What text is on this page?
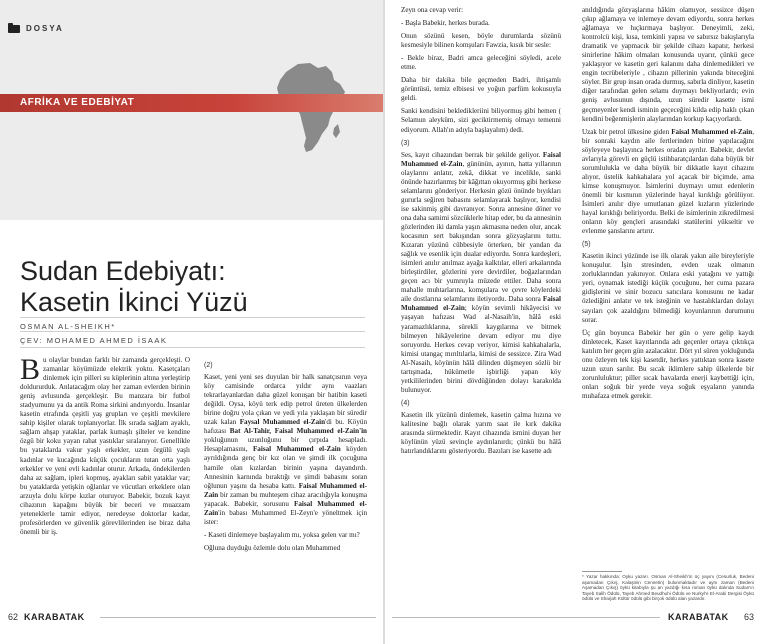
DOSYA
AFRİKA VE EDEBİYAT
Sudan Edebiyatı:
Kasetin İkinci Yüzü
OSMAN AL-SHEIKH*
ÇEV: MOHAMED AHMED İSAAK

Bu olaylar bundan farklı bir zamanda gerçekleşti. O zamanlar köyümüzde elektrik yoktu. Kasetçaları dinlemek için pilleri su küplerinin altına yerleştirip doldururduk. Anlatacağım olay her zaman evlerden birinin geniş avlusunda gerçekleşir. Bu manzara bir futbol stadyumunu ya da antik Roma sirkini andırıyordu. İnsanlar kasetin etrafında çeşitli yaş grupları ve çeşitli mevkilere sahip kişiler olarak toplanıyorlar. İlk sırada sağlam ayaklı, sağlam ahşap yataklar, parlak kumaşlı şilteler ve kendine özgü bir koku yayan rahat yastıklar sıralanıyor. Genellikle bu yataklarda vakur yaşlı erkekler, uzun örgülü yaşlı kadınlar ve kucağında küçük çocukların tutan orta yaşlı erkekler ve yeni evli kadınlar oturur. Arkada, öndekilerden daha az sağlam, ipleri kopmuş, ayakları sabit yataklar var; bu yataklarda yetişkin oğlanlar ve vücutları erkeklere olan arzuyla dolu körpe kızlar oturuyor. Babekir, bozuk kayıt cihazının kapağını büyük bir beceri ve muazzam yeteneklerle tamir ediyor, neredeyse doktorlar kadar, profesörlerden ve güvenlik görevlilerinden ise biraz daha önemli bir iş.

(2)

Kaset, yeni yeni ses duyulan bir halk sanatçısının veya köy camisinde ordarca yıldır aynı vaazları tekrarlayanlardan daha güzel konuşan bir hatibin kaseti değildi. Oysa, köyü terk edip petrol üreten ülkelerden birine doğru yola çıkan ve yedi yıla yaklaşan bir süredir uzak kalan Faysal Muhammed el-Zain'di bu. Köyün hafızası Bat Al-Tahir, Faisal Muhammed el-Zain'in yokluğunun uzunluğunu bir çırpıda hesapladı. Hesaplamasını, Faisal Muhammed el-Zain köyden ayrıldığında genç bir kız olan ve şimdi ilk çocuğuna hamile olan kızlardan birinin yaşına dayandırdı. Annesinin karnında bıraktığı ve şimdi babasını soran oğlunun yaşını da hesaba kattı. Faisal Muhammed el-Zain bir zaman bu muhteşem cihaz aracılığıyla konuşma yapacak. Babekir, sorusunu Faisal Muhammed el-Zain'in babası Muhammed El-Zeyn'e yöneltmek için ister:

- Kaseti dinlemeye başlayalım mı, yoksa gelen var mı?

Oğluna duyduğu özlemle dolu olan Muhammed

Zeyn ona cevap verir:

- Başla Babekir, herkes burada.

Onun sözünü kesen, böyle durumlarda sözünü kesmesiyle bilinen komşuları Fawzia, kısık bir sesle:

- Bekle biraz, Badri amca geleceğini söyledi, acele etme.

Daha bir dakika bile geçmeden Badri, ihtişamlı görüntüsü, temiz elbisesi ve yoğun parfüm kokusuyla geldi.

Sanki kendisini bekledikleriini biliyormuş gibi hemen ( Selamun aleyküm, sizi geciktirmemiş olmayı temenni ediyorum. Allah'ın adıyla başlayalım) dedi.

(3)

Ses, kayıt cihazından berrak bir şekilde geliyor. Faisal Muhammed el-Zain, gününün, ayının, hatta yıllarının olaylarını anlatır, zekâ, dikkat ve incelikle, sanki önünde hazırlanmış bir kâğıttan okuyormuş gibi herkese selamlarını gönderiyor. Herkesin gözü önünde bıyıkları gururla seğiren babasını selamlayarak başlıyor, kendisi ise sakinmiş gibi davranıyor. Sonra annesine döner ve ona daha samimi sözcüklerle hitap eder, bu da annesinin gözlerinden iki damla yaşın akmasına neden olur, ancak kocasının sert bakışından sonra gözyaşlarını tuttu. Kızaran yüzünü cübbesiyle örterken, bir yandan da sağlık ve esenlik için dualar ediyordu. Sonra kardeşleri, isimleri anılır anılmaz ayağa kalktılar, elleri arkalarında birleştirdiler, gözlerini yere devirdiler, boğazlarından geçen acı bir yumruyla müzede ettiler. Daha sonra mahalle muhtarlarına, komşulara ve çevre köylerdeki aile dostlarına selamlarını iletiyordu. Daha sonra Faisal Muhammed el-Zain; köyün sevimli hikâyecisi ve yaşayan hafızası Wad al-Nasaih'in, hâlâ eski yaramazlıklarına, sürekli kaygılarına ve bitmek bilmeyen hikâyelerine devam ediyor mu diye soruyordu. Herkes cevap veriyor, kimisi kahkahalarla, kimisi utangaç mırıltılarla, kimisi de sessizce. Zira Wad Al-Nasaih, köyünün hâlâ dilinden düşmeyen sözlü bir tartışmada, hükümetle işbirliği yapan köy yetkililerinden birini dövdüğünden dolayı karakolda bulunuyor.

(4)

Kasetin ilk yüzünü dinlemek, kasetin çalma hızına ve kalitesine bağlı olarak yarım saat ile kırk dakika arasında sürmektedir. Kayıt cihazında ismini duyan her köylünün yüzü sevinçle aydınlanırdı; çünkü bu hâlâ hatırlandıklarını gösteriyordu. Bazıları ise kasette adı

anıldığında gözyaşlarına hâkim olamıyor, sessizce düşen çıkıp ağlamaya ve inlemeye devam ediyordu, sonra herkes ağlamaya ve hıçkırmaya başlıyor. Deneyimli, zeki, kontrolcü kişi, kısa, temkinli yapısı ve sabırsız bakışlarıyla dramatik ve yapmacık bir şekilde cihazı kapatır, herkesi sinirlerine hâkim olmaları konusunda uyarır, çünkü gece yaklaşıyor ve kasetin geri kalanını daha dinlemedikleri ve engin tecrübeleriyle , cihazın pillerinin yakında biteceğini söyler. Bir grup insan orada durmuş, sabırla dinliyor, kasetin diğer tarafından gelen selamı duymayı bekliyorlardı; evin geniş avlusunun dışında, uzun süredir kasette ismi geçmeyenler kendi isminin geçeceğini kilda edip haklı çıkan kendini beğenmişlerin alaylarından korkup kaçıyorlardı.

Uzak bir petrol ülkesine giden Faisal Muhammed el-Zain, bir sonraki kaydın aile fertlerinden birine yapılacağını söyleyeye başlayınca herkes oradan ayrılır. Babekir, devlet avlarıyla görevli en güçlü istihbaratçılardan daha büyük bir sorumlulukla ve daha büyük bir dikkatle kayıt cihazını alıyor, üstelik kahkahalara yol açacak bir biçimde, ama kimse konuşmuyor. İsimlerini duymayı umut edenlerin önemli bir kısmının yüzlerinde hayal kırıklığı görülüyor. İsimleri anılır diye umutlanan güzel kızların yüzlerinde hayal kırıklığı beliriyordu. Belki de isimlerinin zikredilmesi onların köy gençleri arasındaki statülerini yükseltir ve evlenme şanslarını artırır.

(5)

Kasetin ikinci yüzünde ise ilk olarak yakın aile bireyleriyle konuşulur. İşin stresinden, evden uzak olmanın zorluklarından yakınıyor. Onlara eski yatağını ve yattığı yeri, oynamak istediği küçük çocuğunu, her cuma pazara gidişlerini ve sinir bozucu satıcılara konusunu ne kadar özlediğini anlatır ve tek isteğinin ve hastalıklardan dolayı sayıları çok azaldığını bilmediği koyunlarının durumunu sorar.

Üç gün boyunca Babekir her gün o yere gelip kaydı dinletecek, Kaset kayıtlarında adı geçenler ortaya çıktıkça katılım her geçen gün azalacaktır. Dört yıl süren yokluğunda onu özleyen tek kişi kasetdir, herkes yattıktan sonra kasete uzun uzun sarılır. Bu sıcak iklimlere sahip ülkelerde bir zorunluluktur; piller sıcak havalarda enerji kaybettiği için, onları soğuk bir yerde veya soğuk eşyaların yanında muhafaza etmek gerekir.

* Yazar hakkında: Oyku yazarı. Osman Al-Sheikh'in üç yayını (Cesurluk, Bedeni aşamadan Çıkış, Kalaşinin Cennetin) bulunmaktadır ve aynı zaman (Bedeni Aşamadan Çıkış) öykü kitabıyla şu an yazdığı kısa roman öykü dalında Sudan'ın Tayeb Salih Ödülü, Tayeb Ahmed Beudhuhi Ödülü ve Nurkyl'e El-Arabi Dergisi Öykü ödülü ve Sharjah Kültür ödülü gibi birçok ödülü alan yazardır.
62 KARABATAK	KARABATAK 63
